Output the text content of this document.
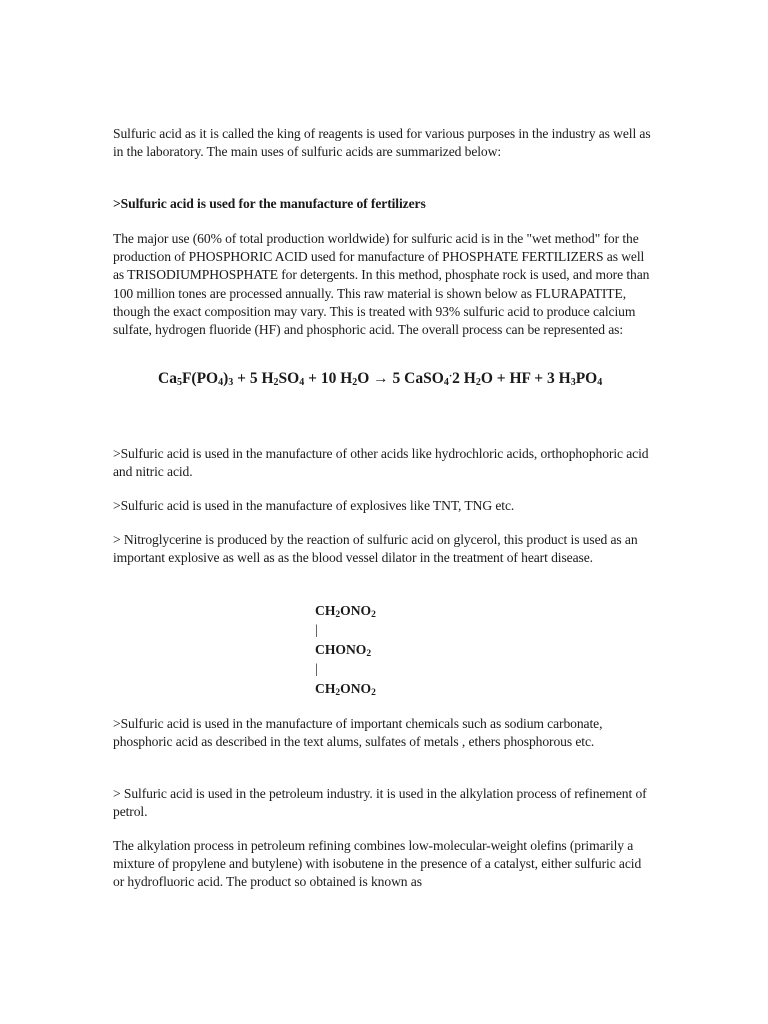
Sulfuric acid as it is called the king of reagents is used for various purposes in the industry as well as in the laboratory. The main uses of sulfuric acids are summarized below:

>Sulfuric acid is used for the manufacture of fertilizers

The major use (60% of total production worldwide) for sulfuric acid is in the "wet method" for the production of PHOSPHORIC ACID used for manufacture of PHOSPHATE FERTILIZERS as well as TRISODIUMPHOSPHATE for detergents. In this method, phosphate rock is used, and more than 100 million tones are processed annually. This raw material is shown below as FLURAPATITE, though the exact composition may vary. This is treated with 93% sulfuric acid to produce calcium sulfate, hydrogen fluoride (HF) and phosphoric acid. The overall process can be represented as:

$Ca_5F(PO_4)_3 + 5$ $H_2SO_4 + 10$ $H_2O \to 5$ CaSO$_4$·2 $H_2O$ + HF + 3 $H_3PO_4$

>Sulfuric acid is used in the manufacture of other acids like hydrochloric acids, orthophophoric acid and nitric acid.

>Sulfuric acid is used in the manufacture of explosives like TNT, TNG etc.

> Nitroglycerine is produced by the reaction of sulfuric acid on glycerol, this product is used as an important explosive as well as as the blood vessel dilator in the treatment of heart disease.

$CH_2ONO_2$
|
$CHONO_2$
|
$CH_2ONO_2$

>Sulfuric acid is used in the manufacture of important chemicals such as sodium carbonate, phosphoric acid as described in the text alums, sulfates of metals , ethers phosphorous etc.

> Sulfuric acid is used in the petroleum industry. it is used in the alkylation process of refinement of petrol.

The alkylation process in petroleum refining combines low-molecular-weight olefins (primarily a mixture of propylene and butylene) with isobutene in the presence of a catalyst, either sulfuric acid or hydrofluoric acid. The product so obtained is known as
